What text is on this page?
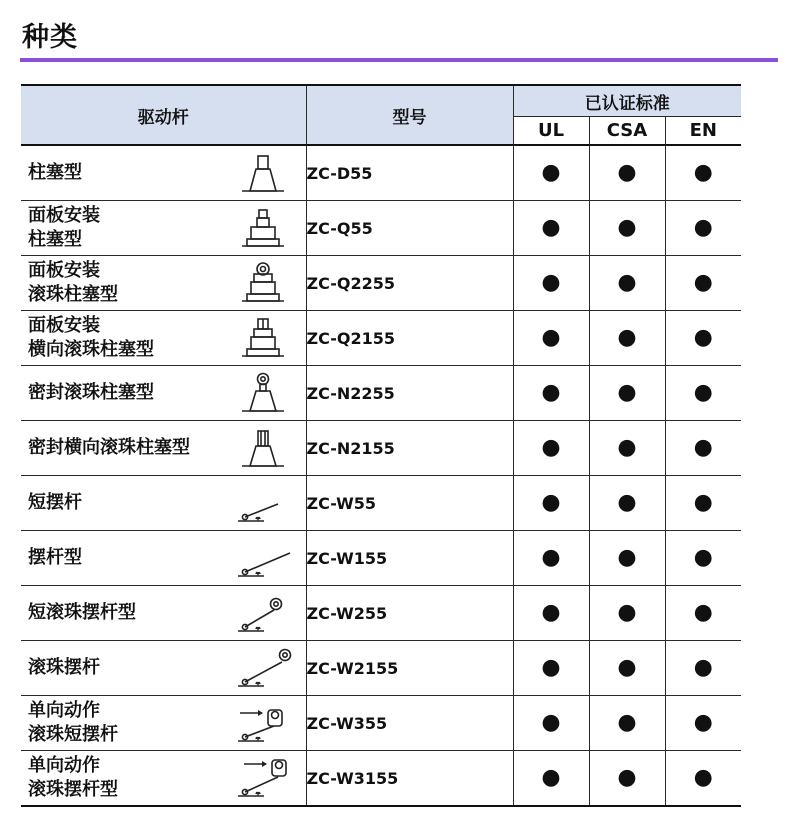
种类
驱动杆	型号	已认证标准		
		UL	CSA	EN

柱塞型	ZC-D55	●	●	●

面板安装
柱塞型	ZC-Q55	●	●	●

面板安装
滚珠柱塞型	ZC-Q2255	●	●	●

面板安装
横向滚珠柱塞型	ZC-Q2155	●	●	●

密封滚珠柱塞型	ZC-N2255	●	●	●

密封横向滚珠柱塞型	ZC-N2155	●	●	●

短摆杆	ZC-W55	●	●	●

摆杆型	ZC-W155	●	●	●

短滚珠摆杆型	ZC-W255	●	●	●

滚珠摆杆	ZC-W2155	●	●	●

单向动作
滚珠短摆杆	ZC-W355	●	●	●

单向动作
滚珠摆杆型	ZC-W3155	●	●	●
